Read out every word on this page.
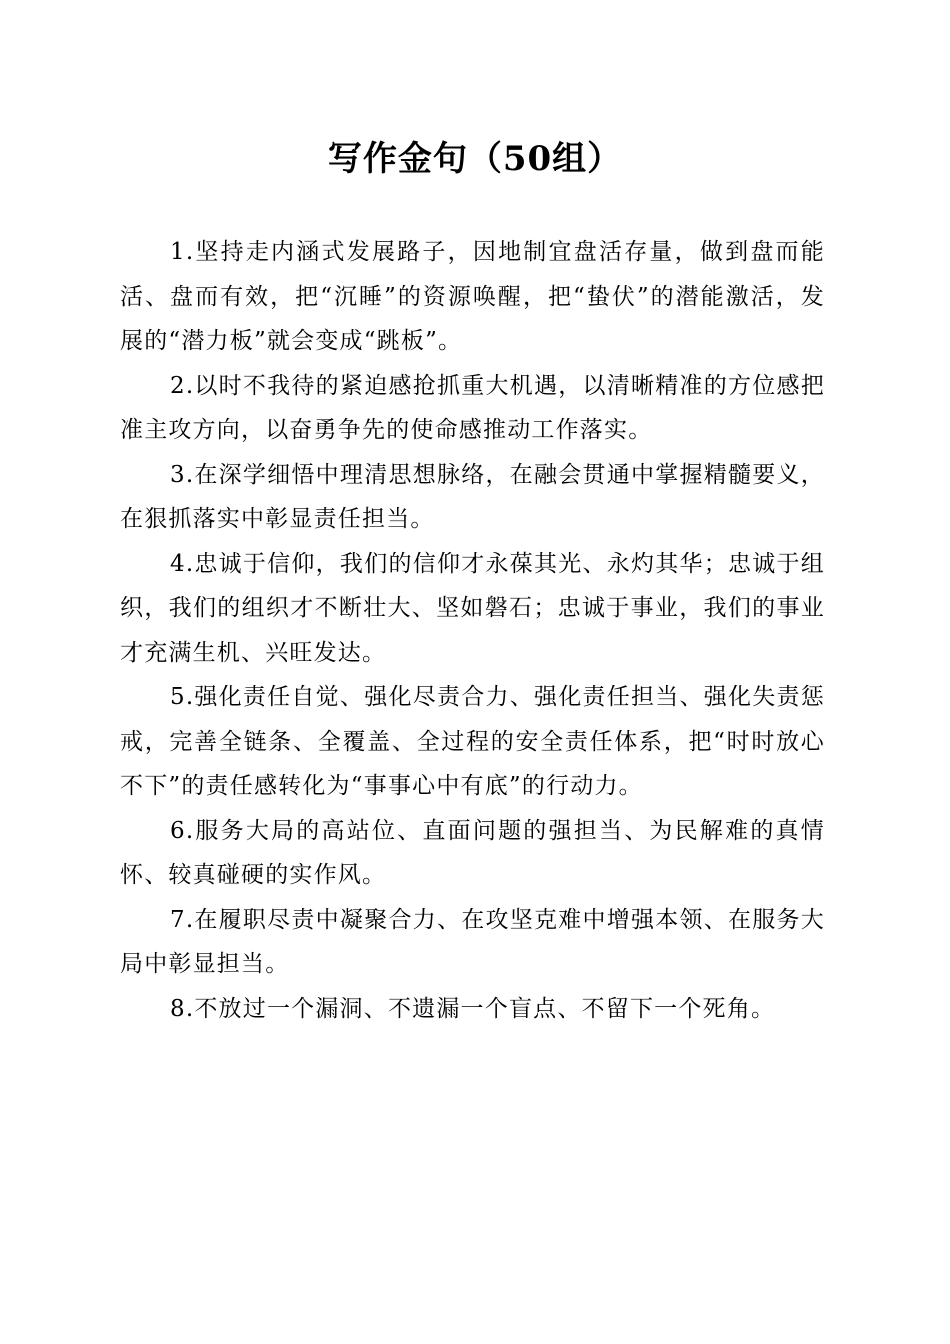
写作金句（50组）

1.坚持走内涵式发展路子，因地制宜盘活存量，做到盘而能活、盘而有效，把“沉睡”的资源唤醒，把“蛰伏”的潜能激活，发展的“潜力板”就会变成“跳板”。

2.以时不我待的紧迫感抢抓重大机遇，以清晰精准的方位感把准主攻方向，以奋勇争先的使命感推动工作落实。

3.在深学细悟中理清思想脉络，在融会贯通中掌握精髓要义，在狠抓落实中彰显责任担当。

4.忠诚于信仰，我们的信仰才永葆其光、永灼其华；忠诚于组织，我们的组织才不断壮大、坚如磐石；忠诚于事业，我们的事业才充满生机、兴旺发达。

5.强化责任自觉、强化尽责合力、强化责任担当、强化失责惩戒，完善全链条、全覆盖、全过程的安全责任体系，把“时时放心不下”的责任感转化为“事事心中有底”的行动力。

6.服务大局的高站位、直面问题的强担当、为民解难的真情怀、较真碰硬的实作风。

7.在履职尽责中凝聚合力、在攻坚克难中增强本领、在服务大局中彰显担当。

8.不放过一个漏洞、不遗漏一个盲点、不留下一个死角。
